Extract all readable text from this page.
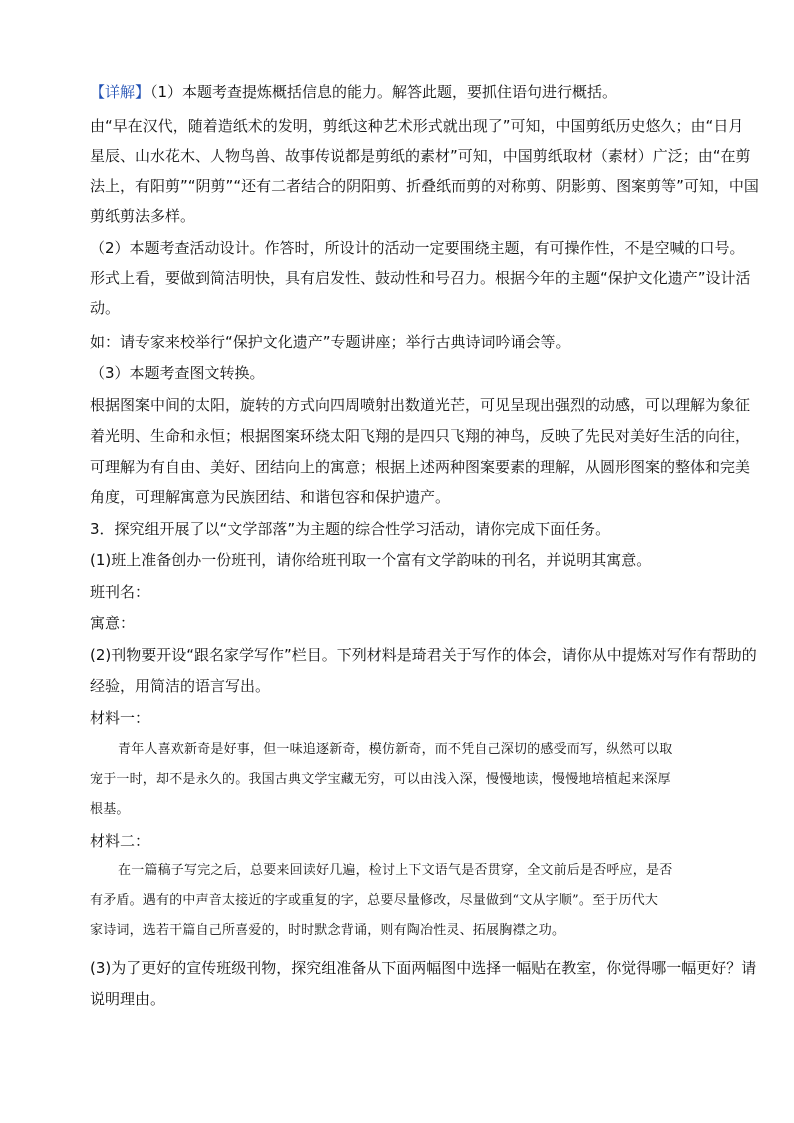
【详解】（1）本题考查提炼概括信息的能力。解答此题，要抓住语句进行概括。
由“早在汉代，随着造纸术的发明，剪纸这种艺术形式就出现了”可知，中国剪纸历史悠久；由“日月
星辰、山水花木、人物鸟兽、故事传说都是剪纸的素材”可知，中国剪纸取材（素材）广泛；由“在剪
法上，有阳剪”“阴剪”“还有二者结合的阴阳剪、折叠纸而剪的对称剪、阴影剪、图案剪等”可知，中国
剪纸剪法多样。
（2）本题考查活动设计。作答时，所设计的活动一定要围绕主题，有可操作性，不是空喊的口号。
形式上看，要做到简洁明快，具有启发性、鼓动性和号召力。根据今年的主题“保护文化遗产”设计活
动。
如：请专家来校举行“保护文化遗产”专题讲座；举行古典诗词吟诵会等。
（3）本题考查图文转换。
根据图案中间的太阳，旋转的方式向四周喷射出数道光芒，可见呈现出强烈的动感，可以理解为象征
着光明、生命和永恒；根据图案环绕太阳飞翔的是四只飞翔的神鸟，反映了先民对美好生活的向往，
可理解为有自由、美好、团结向上的寓意；根据上述两种图案要素的理解，从圆形图案的整体和完美
角度，可理解寓意为民族团结、和谐包容和保护遗产。
3．探究组开展了以“文学部落”为主题的综合性学习活动，请你完成下面任务。
(1)班上准备创办一份班刊，请你给班刊取一个富有文学韵味的刊名，并说明其寓意。
班刊名：
寓意：
(2)刊物要开设“跟名家学写作”栏目。下列材料是琦君关于写作的体会，请你从中提炼对写作有帮助的
经验，用简洁的语言写出。
材料一：
青年人喜欢新奇是好事，但一味追逐新奇，模仿新奇，而不凭自己深切的感受而写，纵然可以取
宠于一时，却不是永久的。我国古典文学宝藏无穷，可以由浅入深，慢慢地读，慢慢地培植起来深厚
根基。
材料二：
在一篇稿子写完之后，总要来回读好几遍，检讨上下文语气是否贯穿，全文前后是否呼应，是否
有矛盾。遇有的中声音太接近的字或重复的字，总要尽量修改，尽量做到“文从字顺”。至于历代大
家诗词，选若干篇自己所喜爱的，时时默念背诵，则有陶冶性灵、拓展胸襟之功。
(3)为了更好的宣传班级刊物，探究组准备从下面两幅图中选择一幅贴在教室，你觉得哪一幅更好？请
说明理由。
